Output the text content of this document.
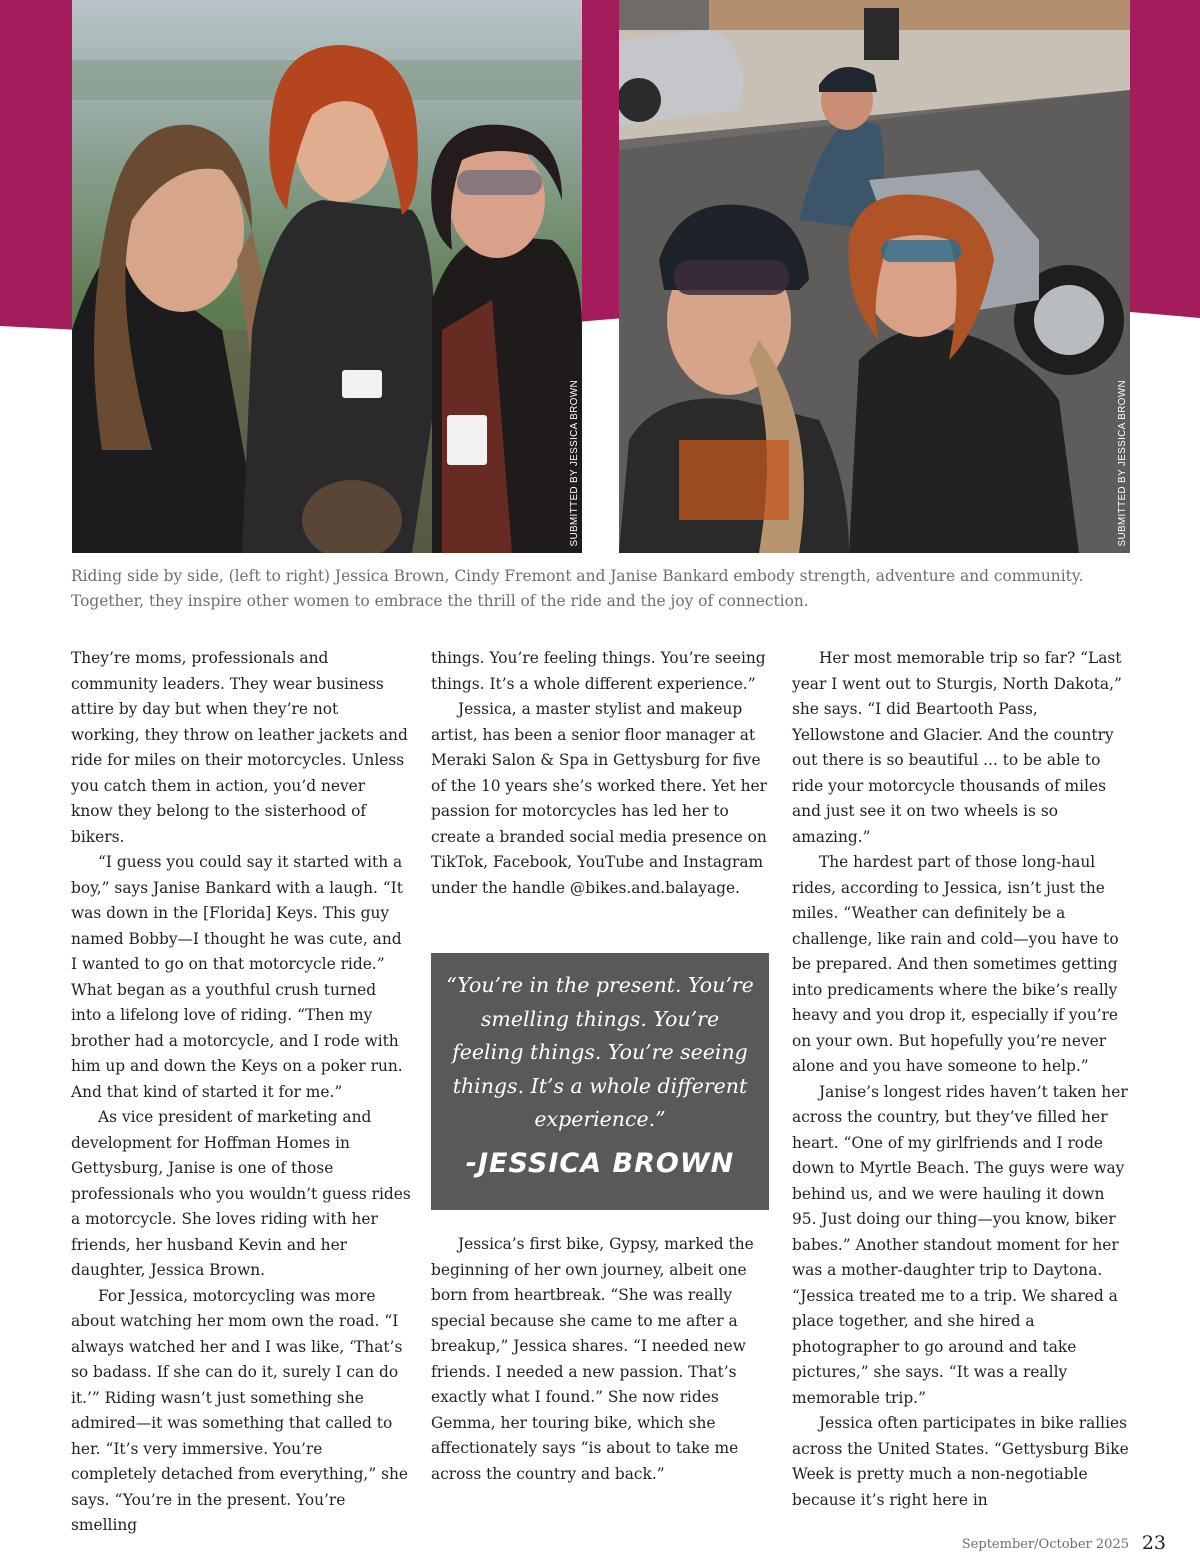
SUBMITTED BY JESSICA BROWN	SUBMITTED BY JESSICA BROWN
Riding side by side, (left to right) Jessica Brown, Cindy Fremont and Janise Bankard embody strength, adventure and community. Together, they inspire other women to embrace the thrill of the ride and the joy of connection.

They’re moms, professionals and community leaders. They wear business attire by day but when they’re not working, they throw on leather jackets and ride for miles on their motorcycles. Unless you catch them in action, you’d never know they belong to the sisterhood of bikers.

“I guess you could say it started with a boy,” says Janise Bankard with a laugh. “It was down in the [Florida] Keys. This guy named Bobby—I thought he was cute, and I wanted to go on that motorcycle ride.” What began as a youthful crush turned into a lifelong love of riding. “Then my brother had a motorcycle, and I rode with him up and down the Keys on a poker run. And that kind of started it for me.”

As vice president of marketing and development for Hoffman Homes in Gettysburg, Janise is one of those professionals who you wouldn’t guess rides a motorcycle. She loves riding with her friends, her husband Kevin and her daughter, Jessica Brown.

For Jessica, motorcycling was more about watching her mom own the road. “I always watched her and I was like, ‘That’s so badass. If she can do it, surely I can do it.’” Riding wasn’t just something she admired—it was something that called to her. “It’s very immersive. You’re completely detached from everything,” she says. “You’re in the present. You’re smelling

things. You’re feeling things. You’re seeing things. It’s a whole different experience.”

Jessica, a master stylist and makeup artist, has been a senior floor manager at Meraki Salon & Spa in Gettysburg for five of the 10 years she’s worked there. Yet her passion for motorcycles has led her to create a branded social media presence on TikTok, Facebook, YouTube and Instagram under the handle @bikes.and.balayage.

“You’re in the present. You’re smelling things. You’re feeling things. You’re seeing things. It’s a whole different experience.”
-JESSICA BROWN

Jessica’s first bike, Gypsy, marked the beginning of her own journey, albeit one born from heartbreak. “She was really special because she came to me after a breakup,” Jessica shares. “I needed new friends. I needed a new passion. That’s exactly what I found.” She now rides Gemma, her touring bike, which she affectionately says “is about to take me across the country and back.”

Her most memorable trip so far? “Last year I went out to Sturgis, North Dakota,” she says. “I did Beartooth Pass, Yellowstone and Glacier. And the country out there is so beautiful ... to be able to ride your motorcycle thousands of miles and just see it on two wheels is so amazing.”

The hardest part of those long-haul rides, according to Jessica, isn’t just the miles. “Weather can definitely be a challenge, like rain and cold—you have to be prepared. And then sometimes getting into predicaments where the bike’s really heavy and you drop it, especially if you’re on your own. But hopefully you’re never alone and you have someone to help.”

Janise’s longest rides haven’t taken her across the country, but they’ve filled her heart. “One of my girlfriends and I rode down to Myrtle Beach. The guys were way behind us, and we were hauling it down 95. Just doing our thing—you know, biker babes.” Another standout moment for her was a mother-daughter trip to Daytona. “Jessica treated me to a trip. We shared a place together, and she hired a photographer to go around and take pictures,” she says. “It was a really memorable trip.”

Jessica often participates in bike rallies across the United States. “Gettysburg Bike Week is pretty much a non-negotiable because it’s right here in

September/October 2025 23
